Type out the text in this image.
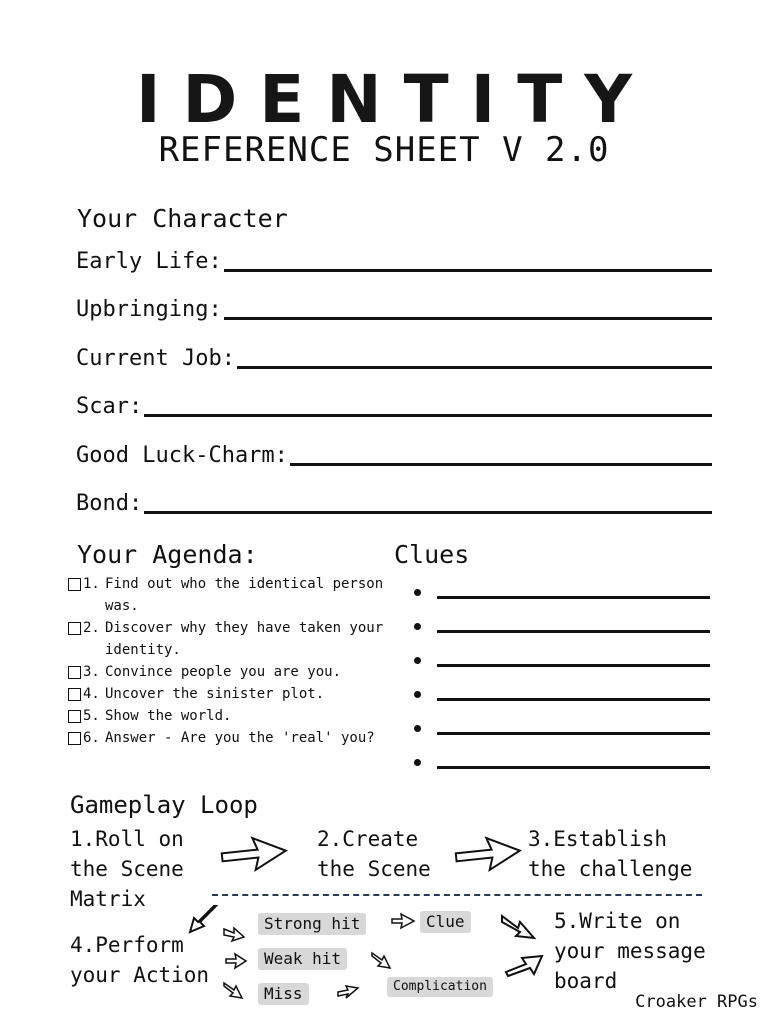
IDENTITY
REFERENCE SHEET V 2.0
Your Character
Early Life:
Upbringing:
Current Job:
Scar:
Good Luck-Charm:
Bond:
Your Agenda:
1. Find out who the identical person was.
2. Discover why they have taken your identity.
3. Convince people you are you.
4. Uncover the sinister plot.
5. Show the world.
6. Answer - Are you the 'real' you?
Clues
Gameplay Loop
1.Roll on
the Scene
Matrix
2.Create
the Scene
3.Establish
the challenge
4.Perform
your Action
5.Write on
your message
board
Strong hit	Clue
Weak hit
Miss	Complication
Croaker RPGs
